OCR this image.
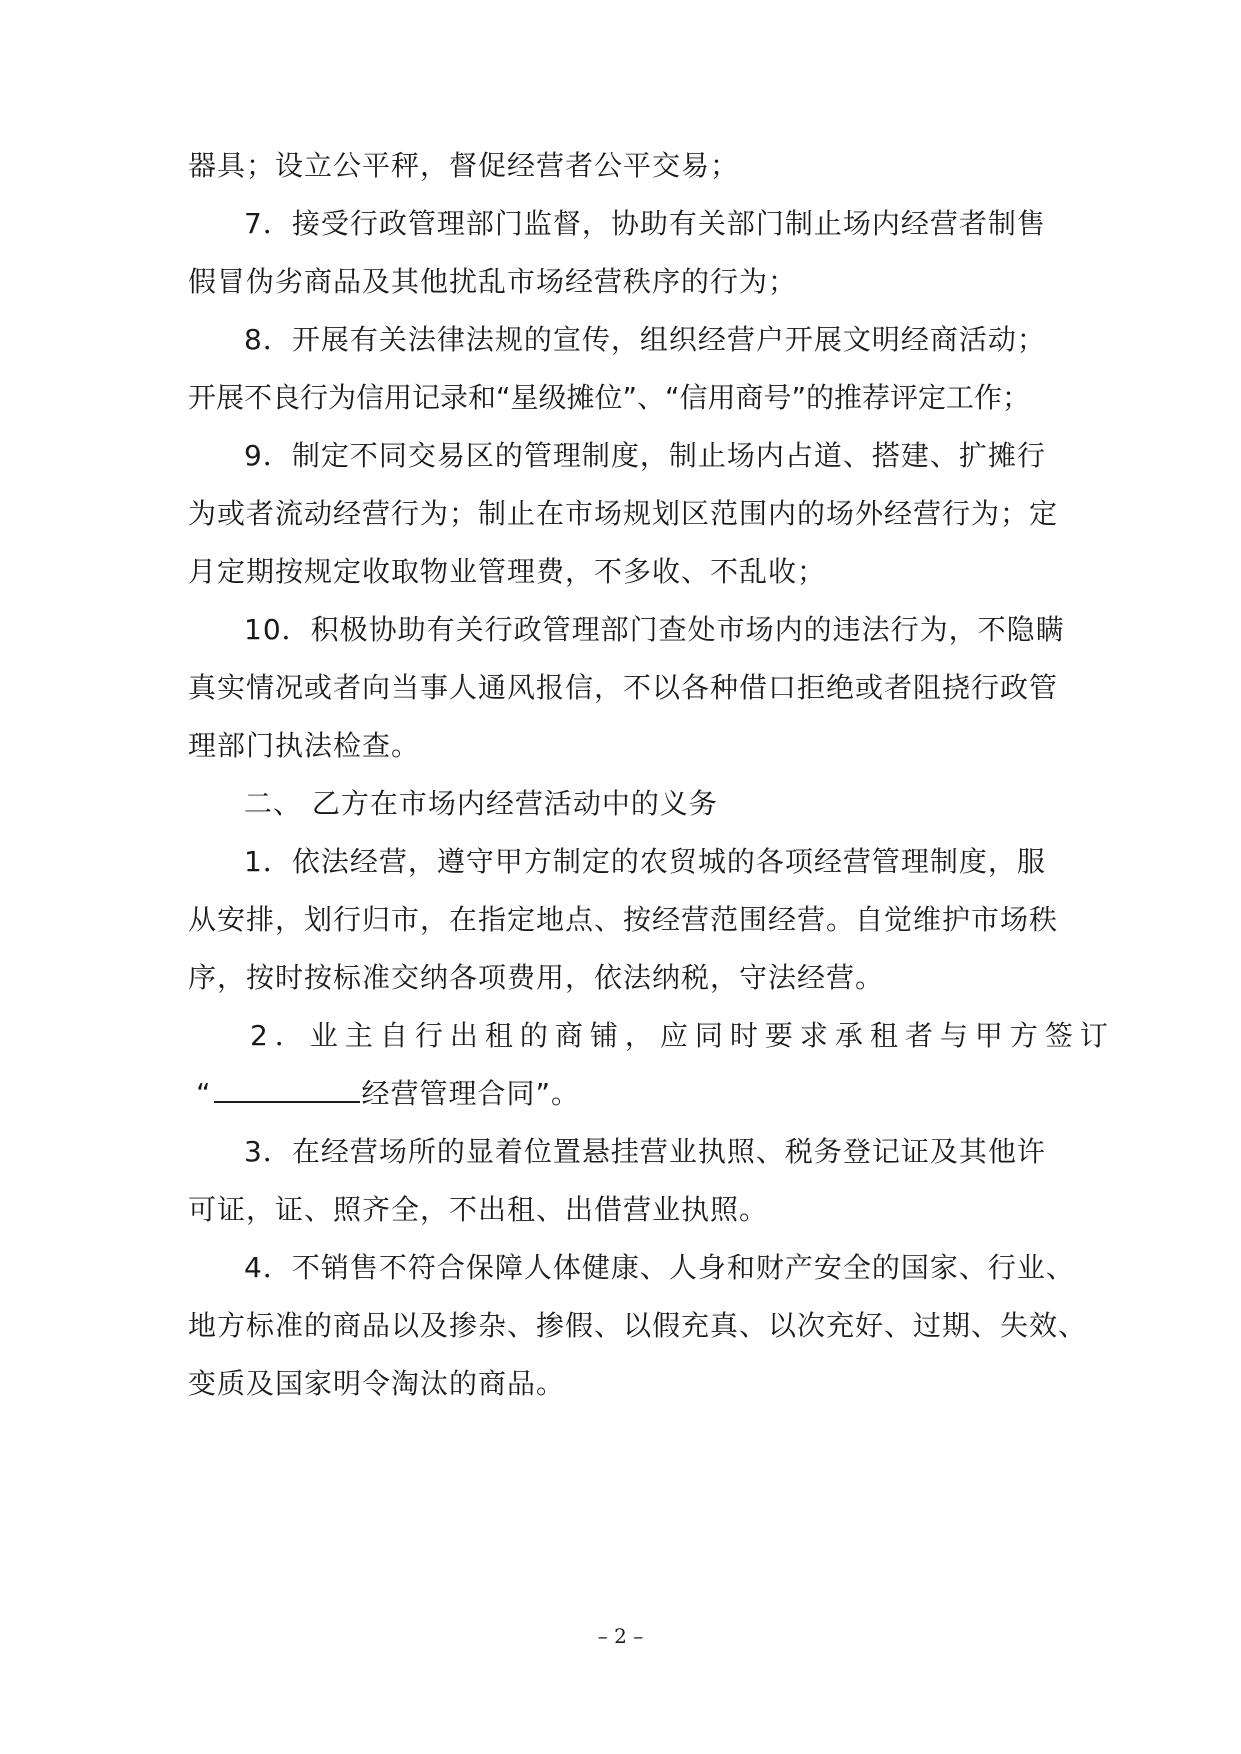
器具；设立公平秤，督促经营者公平交易；
7．接受行政管理部门监督，协助有关部门制止场内经营者制售
假冒伪劣商品及其他扰乱市场经营秩序的行为；
8．开展有关法律法规的宣传，组织经营户开展文明经商活动；
开展不良行为信用记录和“星级摊位”、“信用商号”的推荐评定工作；
9．制定不同交易区的管理制度，制止场内占道、搭建、扩摊行
为或者流动经营行为；制止在市场规划区范围内的场外经营行为；定
月定期按规定收取物业管理费，不多收、不乱收；
10．积极协助有关行政管理部门查处市场内的违法行为，不隐瞒
真实情况或者向当事人通风报信，不以各种借口拒绝或者阻挠行政管
理部门执法检查。
二、 乙方在市场内经营活动中的义务
1．依法经营，遵守甲方制定的农贸城的各项经营管理制度，服
从安排，划行归市，在指定地点、按经营范围经营。自觉维护市场秩
序，按时按标准交纳各项费用，依法纳税，守法经营。
2．业主自行出租的商铺，应同时要求承租者与甲方签订
“	经营管理合同”。
3．在经营场所的显着位置悬挂营业执照、税务登记证及其他许
可证，证、照齐全，不出租、出借营业执照。
4．不销售不符合保障人体健康、人身和财产安全的国家、行业、
地方标准的商品以及掺杂、掺假、以假充真、以次充好、过期、失效、
变质及国家明令淘汰的商品。
– 2 –
